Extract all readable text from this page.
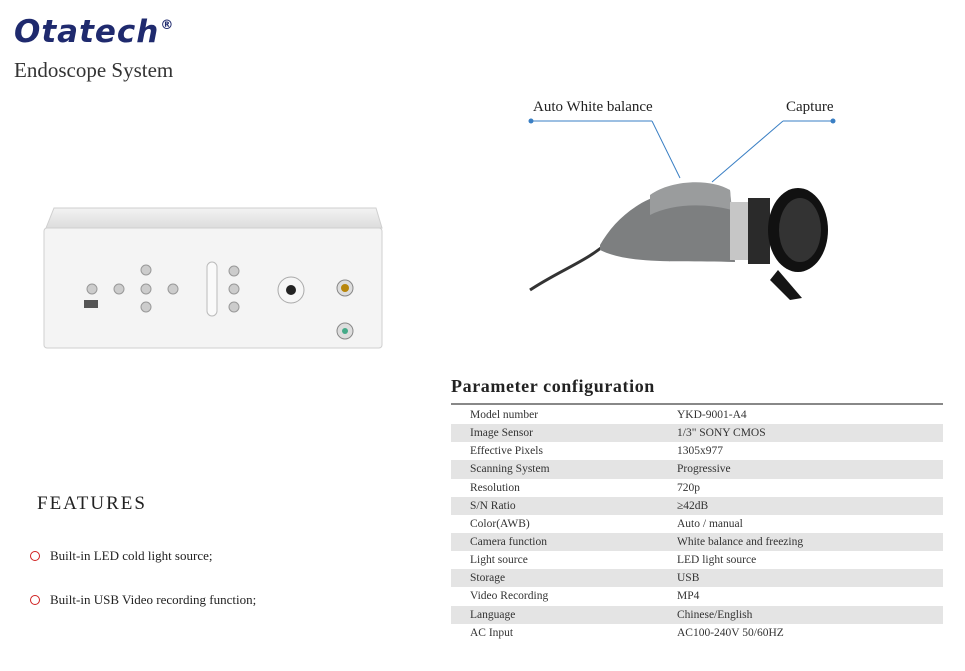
Otatech®
Endoscope System
Auto White balance	Capture
FEATURES
Built-in LED cold light source;
Built-in USB Video recording function;
Parameter configuration
Model number	YKD-9001-A4
Image Sensor	1/3" SONY CMOS
Effective Pixels	1305x977
Scanning System	Progressive
Resolution	720p
S/N Ratio	≥42dB
Color(AWB)	Auto / manual
Camera function	White balance and freezing
Light source	LED light source
Storage	USB
Video Recording	MP4
Language	Chinese/English
AC Input	AC100-240V 50/60HZ
